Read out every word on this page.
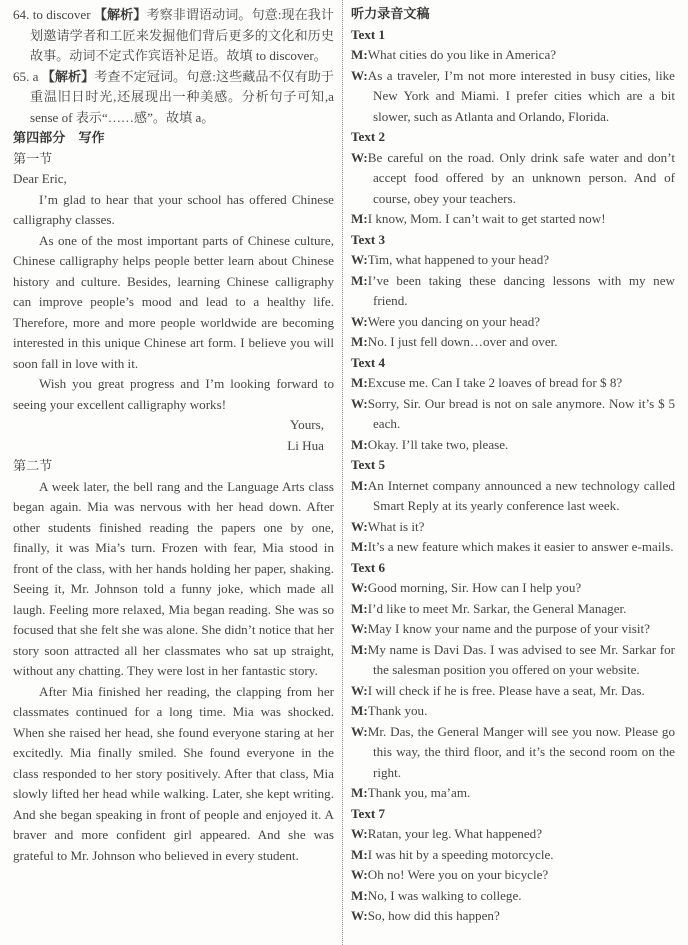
64. to discover 【解析】考察非谓语动词。句意:现在我计划邀请学者和工匠来发掘他们背后更多的文化和历史故事。动词不定式作宾语补足语。故填 to discover。

65. a 【解析】考查不定冠词。句意:这些藏品不仅有助于重温旧日时光,还展现出一种美感。分析句子可知,a sense of 表示“……感”。故填 a。

第四部分　写作

第一节

Dear Eric,

I’m glad to hear that your school has offered Chinese calligraphy classes.

As one of the most important parts of Chinese culture, Chinese calligraphy helps people better learn about Chinese history and culture. Besides, learning Chinese calligraphy can improve people’s mood and lead to a healthy life. Therefore, more and more people worldwide are becoming interested in this unique Chinese art form. I believe you will soon fall in love with it.

Wish you great progress and I’m looking forward to seeing your excellent calligraphy works!

Yours,

Li Hua

第二节

A week later, the bell rang and the Language Arts class began again. Mia was nervous with her head down. After other students finished reading the papers one by one, finally, it was Mia’s turn. Frozen with fear, Mia stood in front of the class, with her hands holding her paper, shaking. Seeing it, Mr. Johnson told a funny joke, which made all laugh. Feeling more relaxed, Mia began reading. She was so focused that she felt she was alone. She didn’t notice that her story soon attracted all her classmates who sat up straight, without any chatting. They were lost in her fantastic story.

After Mia finished her reading, the clapping from her classmates continued for a long time. Mia was shocked. When she raised her head, she found everyone staring at her excitedly. Mia finally smiled. She found everyone in the class responded to her story positively. After that class, Mia slowly lifted her head while walking. Later, she kept writing. And she began speaking in front of people and enjoyed it. A braver and more confident girl appeared. And she was grateful to Mr. Johnson who believed in every student.

听力录音文稿

Text 1

M:What cities do you like in America?

W:As a traveler, I’m not more interested in busy cities, like New York and Miami. I prefer cities which are a bit slower, such as Atlanta and Orlando, Florida.

Text 2

W:Be careful on the road. Only drink safe water and don’t accept food offered by an unknown person. And of course, obey your teachers.

M:I know, Mom. I can’t wait to get started now!

Text 3

W:Tim, what happened to your head?

M:I’ve been taking these dancing lessons with my new friend.

W:Were you dancing on your head?

M:No. I just fell down…over and over.

Text 4

M:Excuse me. Can I take 2 loaves of bread for $ 8?

W:Sorry, Sir. Our bread is not on sale anymore. Now it’s $ 5 each.

M:Okay. I’ll take two, please.

Text 5

M:An Internet company announced a new technology called Smart Reply at its yearly conference last week.

W:What is it?

M:It’s a new feature which makes it easier to answer e-mails.

Text 6

W:Good morning, Sir. How can I help you?

M:I’d like to meet Mr. Sarkar, the General Manager.

W:May I know your name and the purpose of your visit?

M:My name is Davi Das. I was advised to see Mr. Sarkar for the salesman position you offered on your website.

W:I will check if he is free. Please have a seat, Mr. Das.

M:Thank you.

W:Mr. Das, the General Manger will see you now. Please go this way, the third floor, and it’s the second room on the right.

M:Thank you, ma’am.

Text 7

W:Ratan, your leg. What happened?

M:I was hit by a speeding motorcycle.

W:Oh no! Were you on your bicycle?

M:No, I was walking to college.

W:So, how did this happen?
